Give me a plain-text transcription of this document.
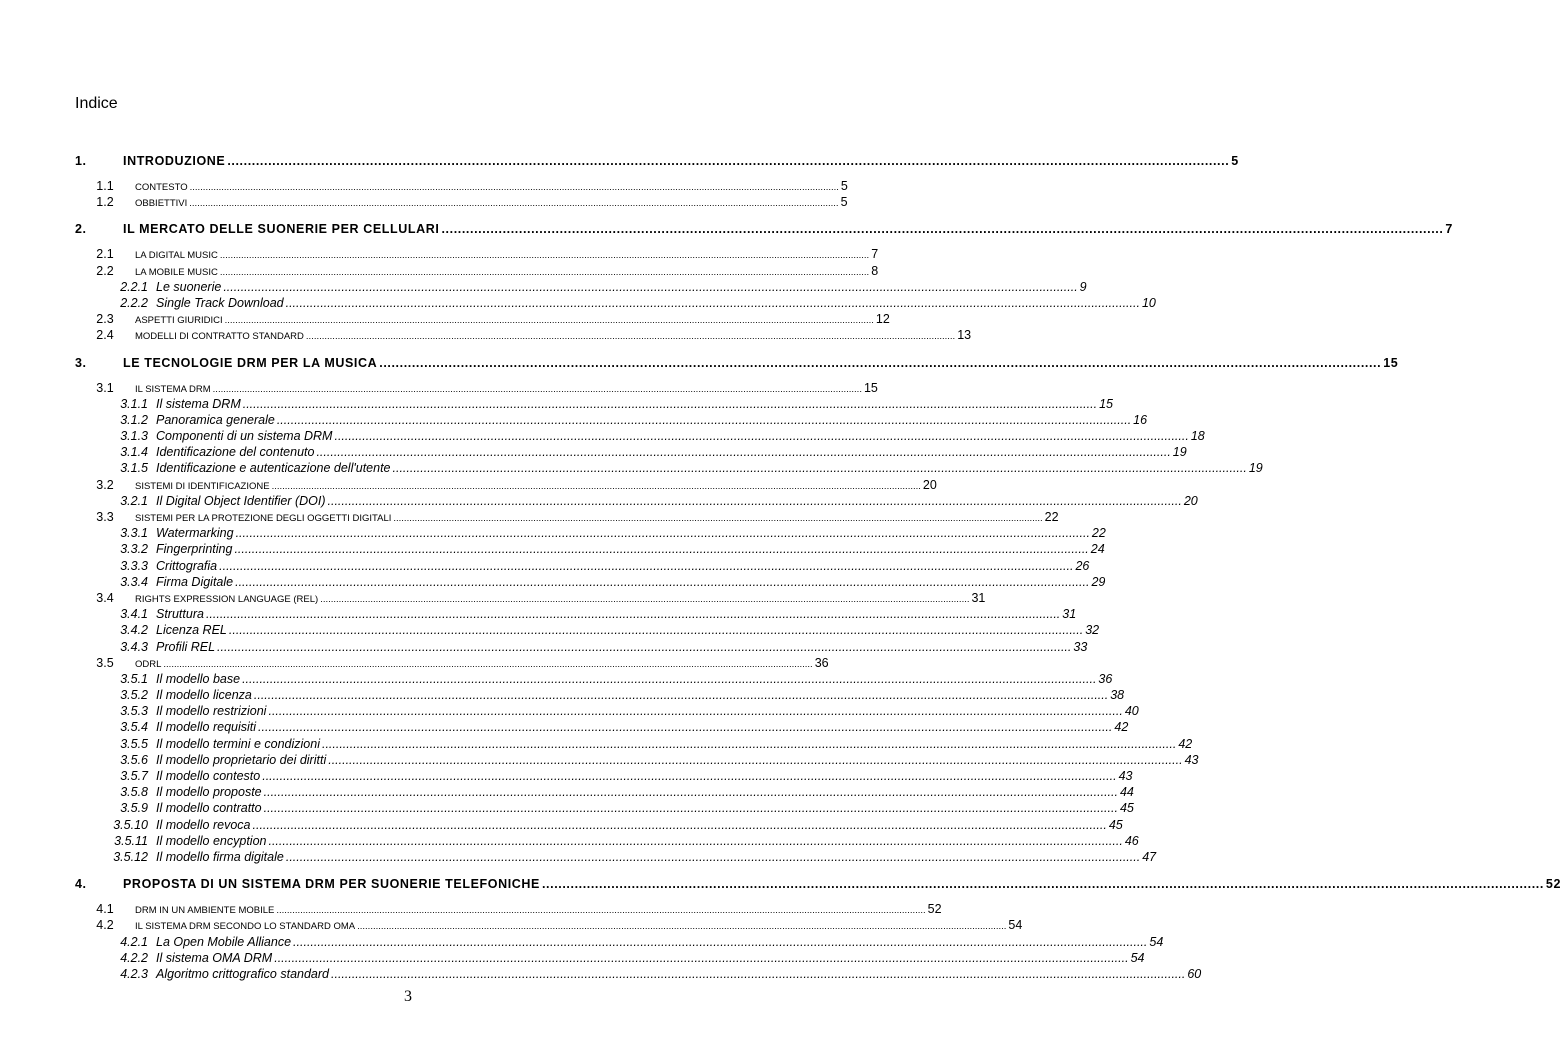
Indice
1.	INTRODUZIONE .....	5
1.1	CONTESTO .....	5
1.2	OBBIETTIVI .....	5
2.	IL MERCATO DELLE SUONERIE PER CELLULARI .....	7
2.1	LA DIGITAL MUSIC .....	7
2.2	LA MOBILE MUSIC .....	8
2.2.1 Le suonerie .....	9
2.2.2 Single Track Download .....	10
2.3	ASPETTI GIURIDICI .....	12
2.4	MODELLI DI CONTRATTO STANDARD .....	13
3.	LE TECNOLOGIE DRM PER LA MUSICA .....	15
3.1	IL SISTEMA DRM .....	15
3.1.1 Il sistema DRM .....	15
3.1.2 Panoramica generale .....	16
3.1.3 Componenti di un sistema DRM .....	18
3.1.4 Identificazione del contenuto .....	19
3.1.5 Identificazione e autenticazione dell'utente .....	19
3.2	SISTEMI DI IDENTIFICAZIONE .....	20
3.2.1 Il Digital Object Identifier (DOI) .....	20
3.3	SISTEMI PER LA PROTEZIONE DEGLI OGGETTI DIGITALI .....	22
3.3.1 Watermarking .....	22
3.3.2 Fingerprinting .....	24
3.3.3 Crittografia .....	26
3.3.4 Firma Digitale .....	29
3.4	RIGHTS EXPRESSION LANGUAGE (REL) .....	31
3.4.1 Struttura .....	31
3.4.2 Licenza REL .....	32
3.4.3 Profili REL .....	33
3.5	ODRL .....	36
3.5.1 Il modello base .....	36
3.5.2 Il modello licenza .....	38
3.5.3 Il modello restrizioni .....	40
3.5.4 Il modello requisiti .....	42
3.5.5 Il modello termini e condizioni .....	42
3.5.6 Il modello proprietario dei diritti .....	43
3.5.7 Il modello contesto .....	43
3.5.8 Il modello proposte .....	44
3.5.9 Il modello contratto .....	45
3.5.10 Il modello revoca .....	45
3.5.11 Il modello encyption .....	46
3.5.12 Il modello firma digitale .....	47
4.	PROPOSTA DI UN SISTEMA DRM PER SUONERIE TELEFONICHE .....	52
4.1	DRM IN UN AMBIENTE MOBILE .....	52
4.2	IL SISTEMA DRM SECONDO LO STANDARD OMA .....	54
4.2.1 La Open Mobile Alliance .....	54
4.2.2 Il sistema OMA DRM .....	54
4.2.3 Algoritmo crittografico standard .....	60
3
